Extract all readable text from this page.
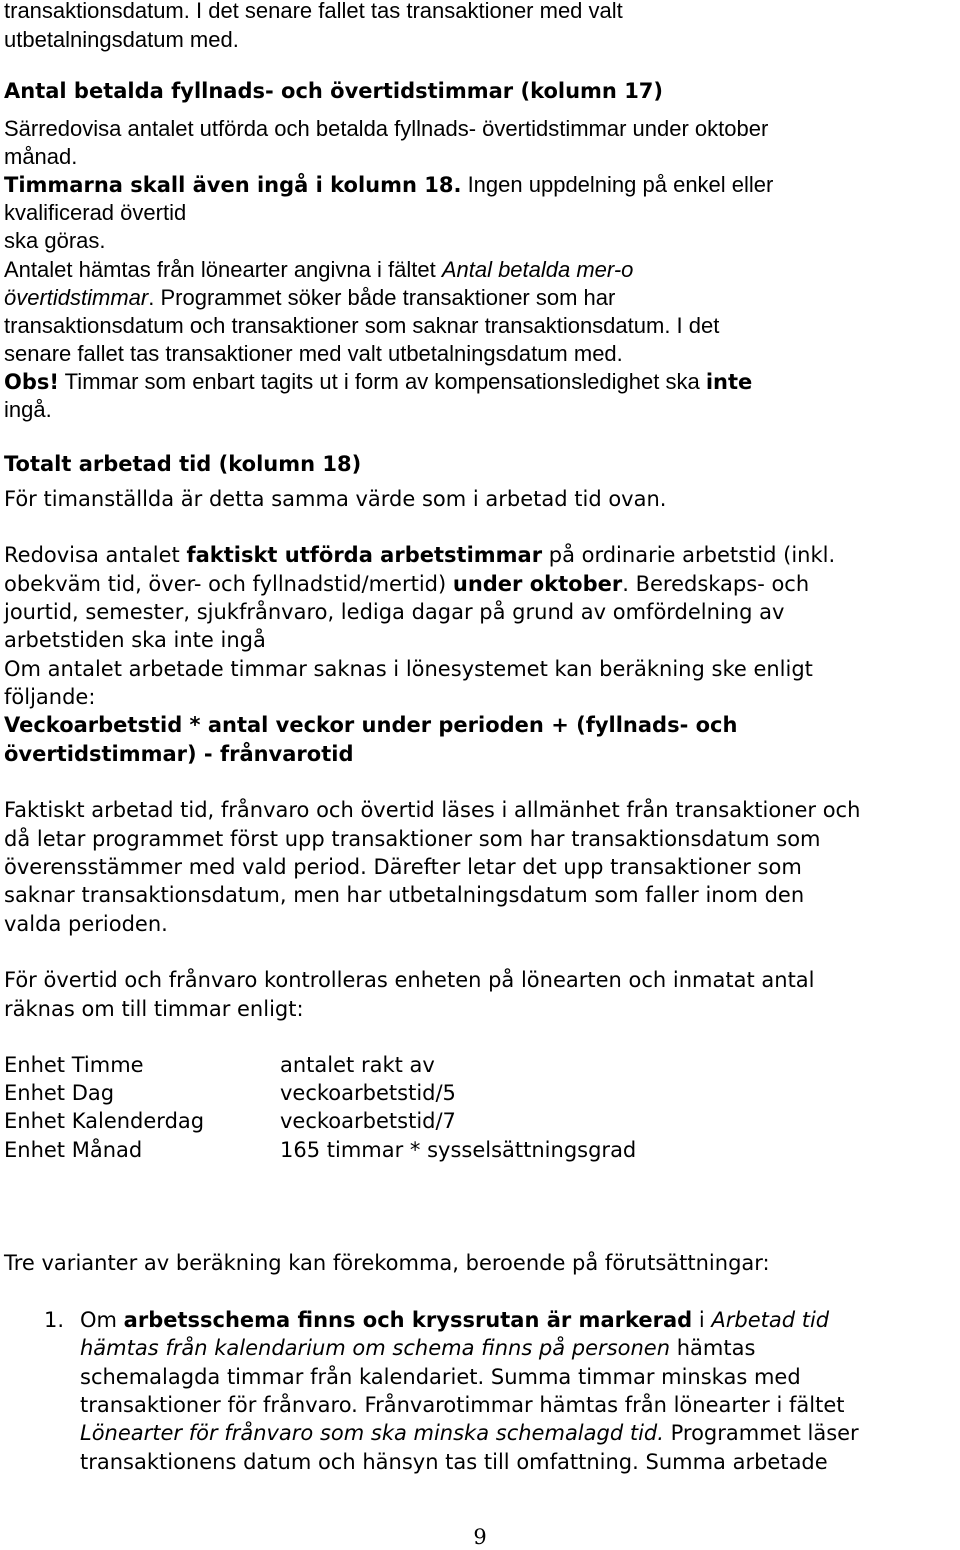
transaktionsdatum. I det senare fallet tas transaktioner med valt
utbetalningsdatum med.
Antal betalda fyllnads- och övertidstimmar (kolumn 17)
Särredovisa antalet utförda och betalda fyllnads- övertidstimmar under oktober
månad.
Timmarna skall även ingå i kolumn 18. Ingen uppdelning på enkel eller
kvalificerad övertid
ska göras.
Antalet hämtas från lönearter angivna i fältet Antal betalda mer-o
övertidstimmar. Programmet söker både transaktioner som har
transaktionsdatum och transaktioner som saknar transaktionsdatum. I det
senare fallet tas transaktioner med valt utbetalningsdatum med.
Obs! Timmar som enbart tagits ut i form av kompensationsledighet ska inte
ingå.
Totalt arbetad tid (kolumn 18)
För timanställda är detta samma värde som i arbetad tid ovan.
Redovisa antalet faktiskt utförda arbetstimmar på ordinarie arbetstid (inkl.
obekväm tid, över- och fyllnadstid/mertid) under oktober. Beredskaps- och
jourtid, semester, sjukfrånvaro, lediga dagar på grund av omfördelning av
arbetstiden ska inte ingå
Om antalet arbetade timmar saknas i lönesystemet kan beräkning ske enligt
följande:
Veckoarbetstid * antal veckor under perioden + (fyllnads- och
övertidstimmar) - frånvarotid
Faktiskt arbetad tid, frånvaro och övertid läses i allmänhet från transaktioner och
då letar programmet först upp transaktioner som har transaktionsdatum som
överensstämmer med vald period. Därefter letar det upp transaktioner som
saknar transaktionsdatum, men har utbetalningsdatum som faller inom den
valda perioden.
För övertid och frånvaro kontrolleras enheten på lönearten och inmatat antal
räknas om till timmar enligt:
Enhet Timme	antalet rakt av
Enhet Dag	veckoarbetstid/5
Enhet Kalenderdag	veckoarbetstid/7
Enhet Månad	165 timmar * sysselsättningsgrad
Tre varianter av beräkning kan förekomma, beroende på förutsättningar:
1. Om arbetsschema finns och kryssrutan är markerad i Arbetad tid
hämtas från kalendarium om schema finns på personen hämtas
schemalagda timmar från kalendariet. Summa timmar minskas med
transaktioner för frånvaro. Frånvarotimmar hämtas från lönearter i fältet
Lönearter för frånvaro som ska minska schemalagd tid. Programmet läser
transaktionens datum och hänsyn tas till omfattning. Summa arbetade
9
